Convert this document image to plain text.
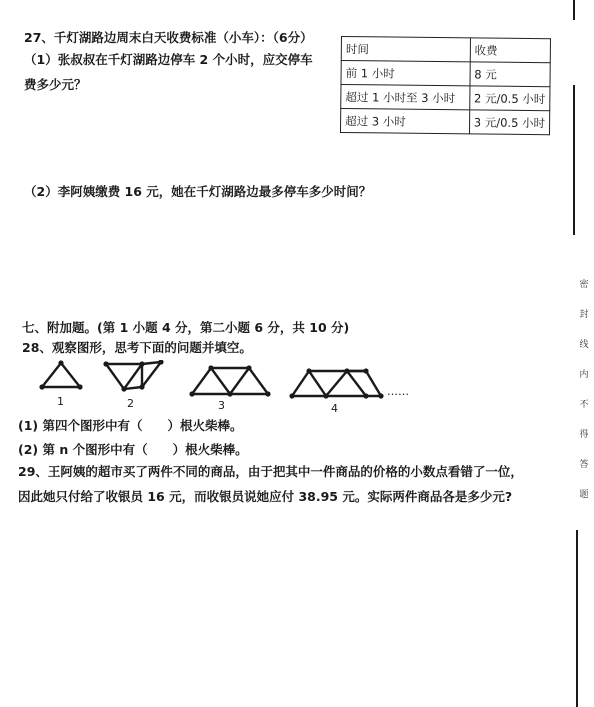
27、千灯湖路边周末白天收费标准（小车）：（6分）
（1）张叔叔在千灯湖路边停车 2 个小时，应交停车
费多少元？
时间	收费
前 1 小时	8 元
超过 1 小时至 3 小时	2 元/0.5 小时
超过 3 小时	3 元/0.5 小时
（2）李阿姨缴费 16 元，她在千灯湖路边最多停车多少时间？
七、附加题。(第 1 小题 4 分，第二小题 6 分，共 10 分)
28、观察图形，思考下面的问题并填空。
1	2	3	4
……
(1) 第四个图形中有（　　）根火柴棒。
(2) 第 n 个图形中有（　　）根火柴棒。
29、王阿姨的超市买了两件不同的商品，由于把其中一件商品的价格的小数点看错了一位，
因此她只付给了收银员 16 元，而收银员说她应付 38.95 元。实际两件商品各是多少元?
密 封 线 内 不 得 答 题
